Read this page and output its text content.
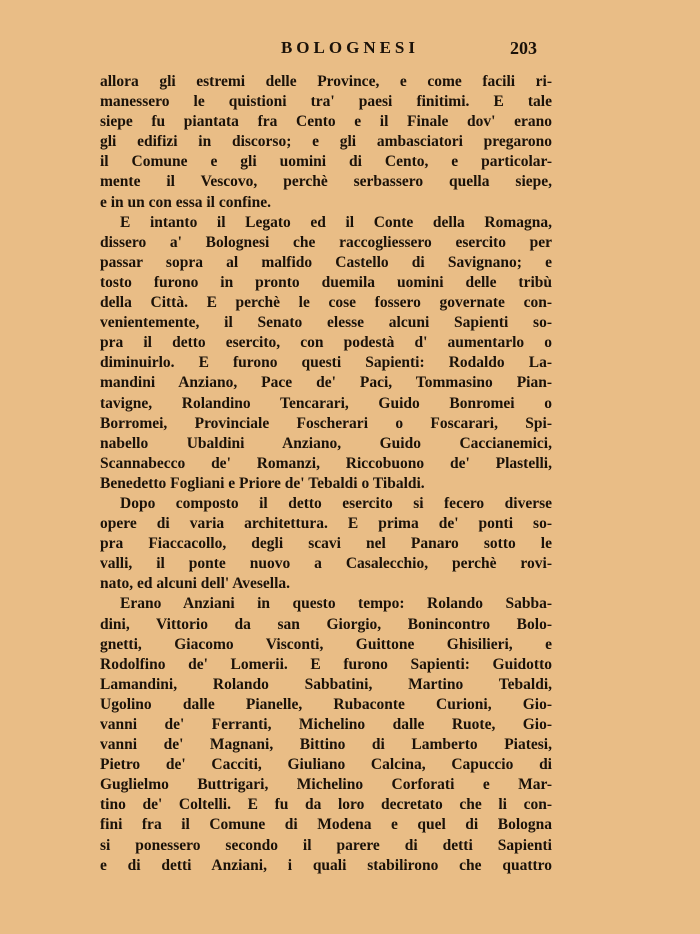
BOLOGNESI	203
allora gli estremi delle Province, e come facili ri-
manessero le quistioni tra' paesi finitimi. E tale
siepe fu piantata fra Cento e il Finale dov' erano
gli edifizi in discorso; e gli ambasciatori pregarono
il Comune e gli uomini di Cento, e particolar-
mente il Vescovo, perchè serbassero quella siepe,
e in un con essa il confine.
E intanto il Legato ed il Conte della Romagna,
dissero a' Bolognesi che raccogliessero esercito per
passar sopra al malfido Castello di Savignano; e
tosto furono in pronto duemila uomini delle tribù
della Città. E perchè le cose fossero governate con-
venientemente, il Senato elesse alcuni Sapienti so-
pra il detto esercito, con podestà d' aumentarlo o
diminuirlo. E furono questi Sapienti: Rodaldo La-
mandini Anziano, Pace de' Paci, Tommasino Pian-
tavigne, Rolandino Tencarari, Guido Bonromei o
Borromei, Provinciale Foscherari o Foscarari, Spi-
nabello Ubaldini Anziano, Guido Caccianemici,
Scannabecco de' Romanzi, Riccobuono de' Plastelli,
Benedetto Fogliani e Priore de' Tebaldi o Tibaldi.
Dopo composto il detto esercito si fecero diverse
opere di varia architettura. E prima de' ponti so-
pra Fiaccacollo, degli scavi nel Panaro sotto le
valli, il ponte nuovo a Casalecchio, perchè rovi-
nato, ed alcuni dell' Avesella.
Erano Anziani in questo tempo: Rolando Sabba-
dini, Vittorio da san Giorgio, Bonincontro Bolo-
gnetti, Giacomo Visconti, Guittone Ghisilieri, e
Rodolfino de' Lomerii. E furono Sapienti: Guidotto
Lamandini, Rolando Sabbatini, Martino Tebaldi,
Ugolino dalle Pianelle, Rubaconte Curioni, Gio-
vanni de' Ferranti, Michelino dalle Ruote, Gio-
vanni de' Magnani, Bittino di Lamberto Piatesi,
Pietro de' Cacciti, Giuliano Calcina, Capuccio di
Guglielmo Buttrigari, Michelino Corforati e Mar-
tino de' Coltelli. E fu da loro decretato che li con-
fini fra il Comune di Modena e quel di Bologna
si ponessero secondo il parere di detti Sapienti
e di detti Anziani, i quali stabilirono che quattro
